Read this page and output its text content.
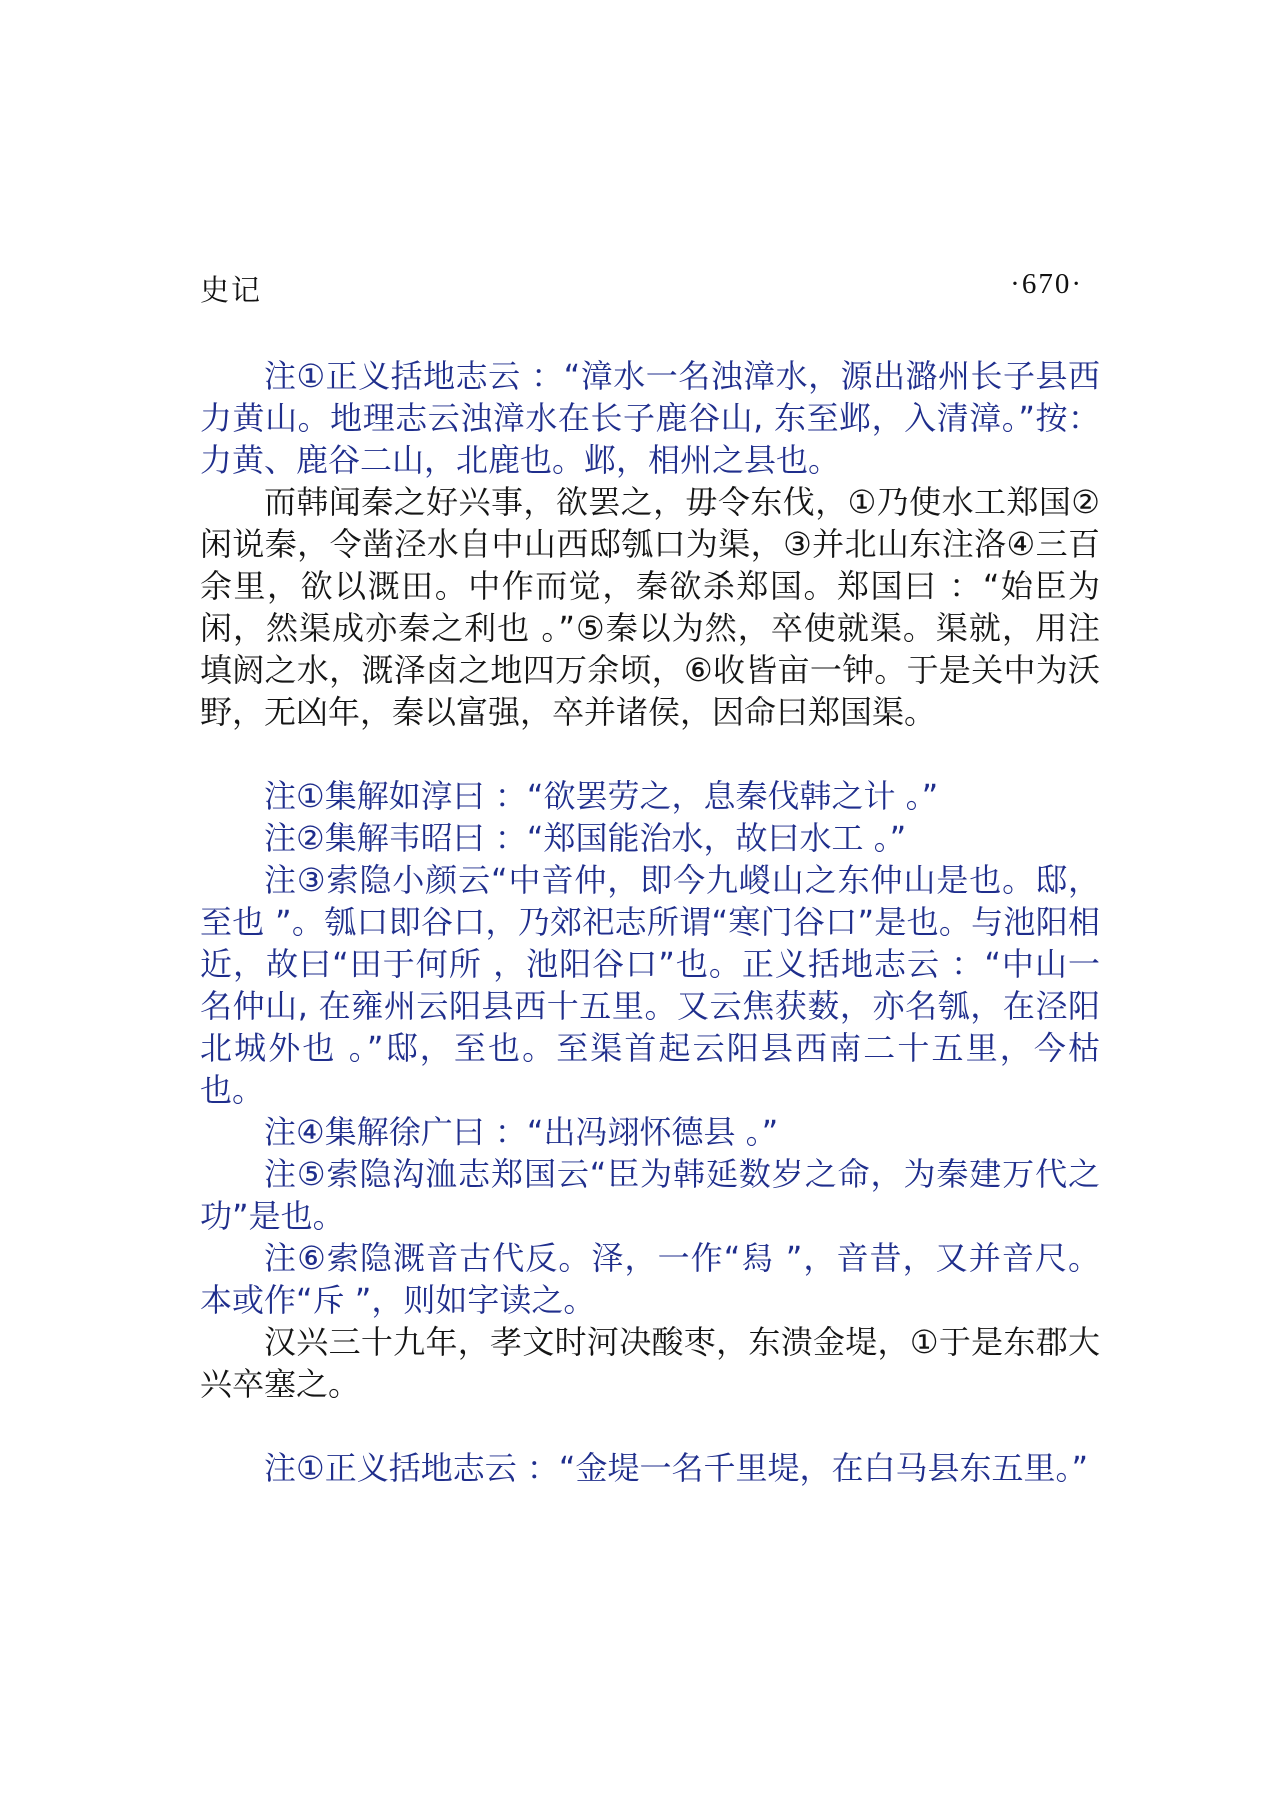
史记	·670·

注①正义括地志云 ：“漳水一名浊漳水，源出潞州长子县西力黄山。地理志云浊漳水在长子鹿谷山, 东至邺，入清漳。”按：力黄、鹿谷二山，北鹿也。邺，相州之县也。

而韩闻秦之好兴事，欲罢之，毋令东伐，①乃使水工郑国②闲说秦，令凿泾水自中山西邸瓠口为渠，③并北山东注洛④三百余里，欲以溉田。中作而觉，秦欲杀郑国。郑国曰 ：“始臣为闲，然渠成亦秦之利也 。”⑤秦以为然，卒使就渠。渠就，用注填阏之水，溉泽卤之地四万余顷，⑥收皆亩一钟。于是关中为沃野，无凶年，秦以富强，卒并诸侯，因命曰郑国渠。

注①集解如淳曰 ：“欲罢劳之，息秦伐韩之计 。”

注②集解韦昭曰 ：“郑国能治水，故曰水工 。”

注③索隐小颜云“中音仲，即今九嵕山之东仲山是也。邸，至也 ”。瓠口即谷口，乃郊祀志所谓“寒门谷口”是也。与池阳相近，故曰“田于何所 ，池阳谷口”也。正义括地志云 ：“中山一名仲山, 在雍州云阳县西十五里。又云焦获薮，亦名瓠，在泾阳北城外也 。”邸，至也。至渠首起云阳县西南二十五里，今枯也。

注④集解徐广曰 ：“出冯翊怀德县 。”

注⑤索隐沟洫志郑国云“臣为韩延数岁之命，为秦建万代之功”是也。

注⑥索隐溉音古代反。泽，一作“舄 ”，音昔，又并音尺。本或作“斥 ”，则如字读之。

汉兴三十九年，孝文时河决酸枣，东溃金堤，①于是东郡大兴卒塞之。

注①正义括地志云 ：“金堤一名千里堤，在白马县东五里。”
